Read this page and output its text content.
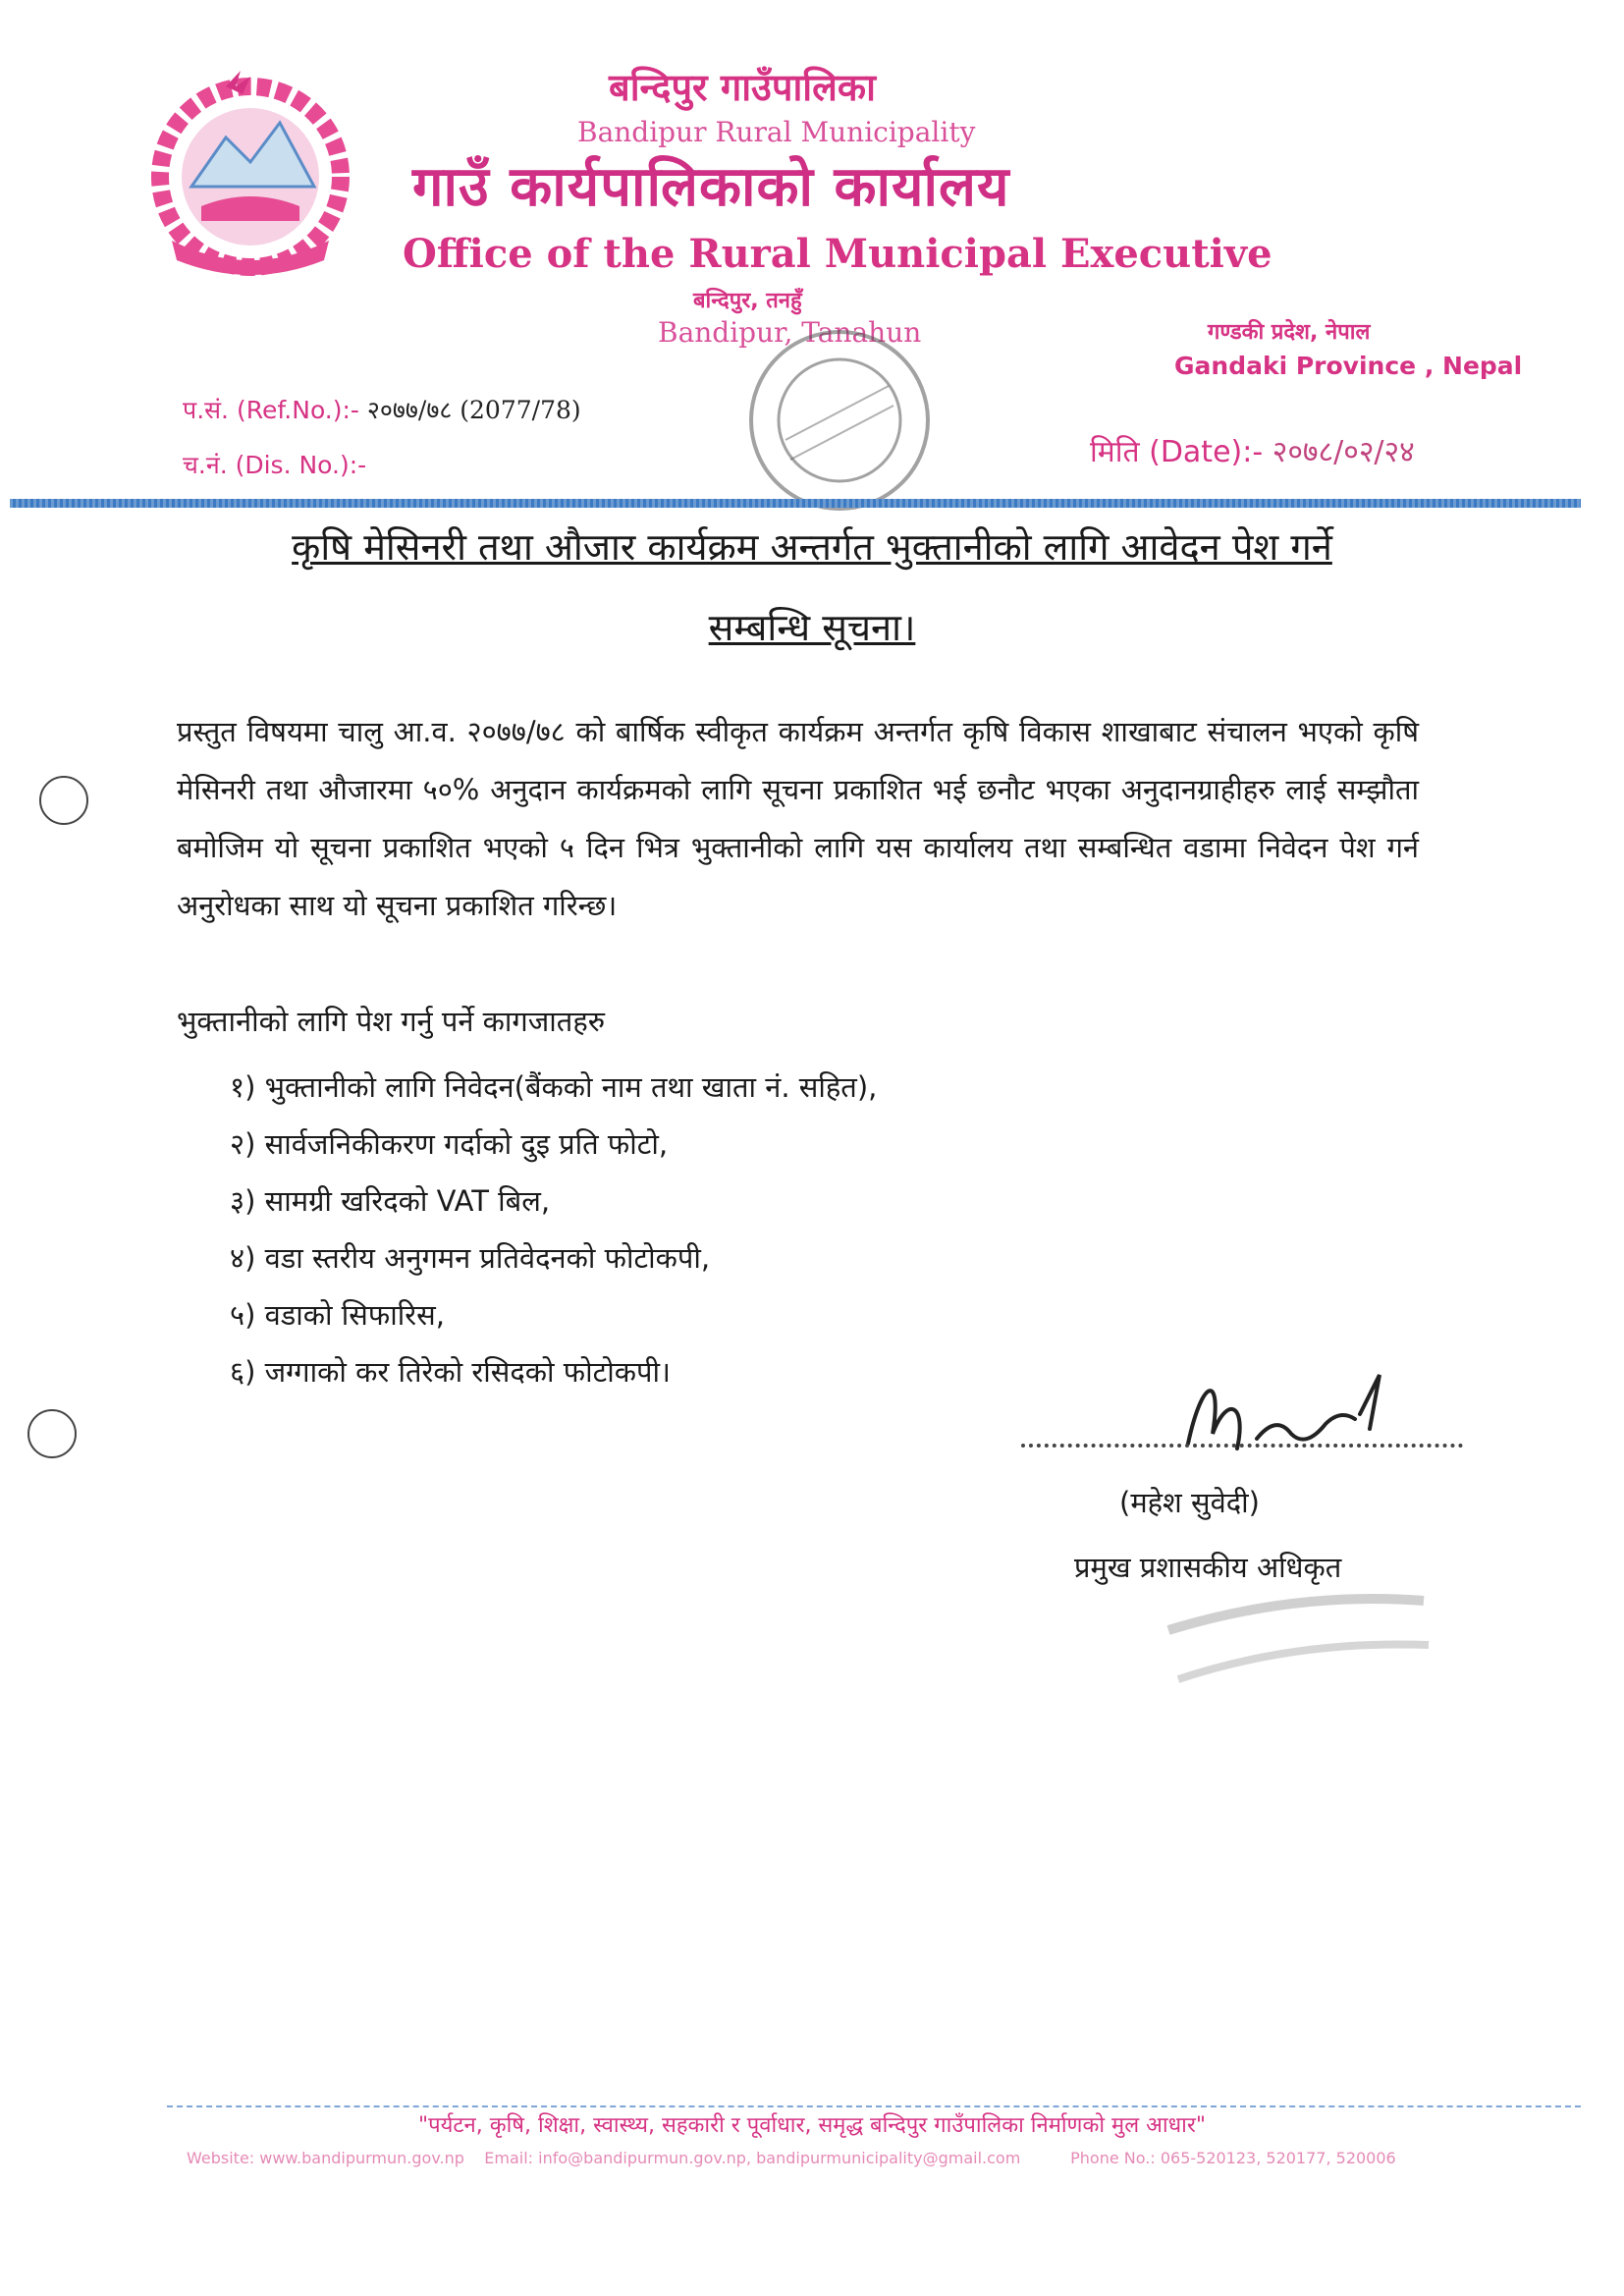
बन्दिपुर गाउँपालिका
Bandipur Rural Municipality
गाउँ कार्यपालिकाको कार्यालय
Office of the Rural Municipal Executive
बन्दिपुर, तनहुँ
Bandipur, Tanahun	गण्डकी प्रदेश, नेपाल
Gandaki Province , Nepal
प.सं. (Ref.No.):- २०७७/७८ (2077/78)
च.नं. (Dis. No.):-	मिति (Date):- २०७८/०२/२४
कृषि मेसिनरी तथा औजार कार्यक्रम अन्तर्गत भुक्तानीको लागि आवेदन पेश गर्ने
सम्बन्धि सूचना।
प्रस्तुत विषयमा चालु आ.व. २०७७/७८ को बार्षिक स्वीकृत कार्यक्रम अन्तर्गत कृषि विकास शाखाबाट संचालन भएको कृषि मेसिनरी तथा औजारमा ५०% अनुदान कार्यक्रमको लागि सूचना प्रकाशित भई छनौट भएका अनुदानग्राहीहरु लाई सम्झौता बमोजिम यो सूचना प्रकाशित भएको ५ दिन भित्र भुक्तानीको लागि यस कार्यालय तथा सम्बन्धित वडामा निवेदन पेश गर्न अनुरोधका साथ यो सूचना प्रकाशित गरिन्छ।
भुक्तानीको लागि पेश गर्नु पर्ने कागजातहरु
१) भुक्तानीको लागि निवेदन(बैंकको नाम तथा खाता नं. सहित),
२) सार्वजनिकीकरण गर्दाको दुइ प्रति फोटो,
३) सामग्री खरिदको VAT बिल,
४) वडा स्तरीय अनुगमन प्रतिवेदनको फोटोकपी,
५) वडाको सिफारिस,
६) जग्गाको कर तिरेको रसिदको फोटोकपी।
(महेश सुवेदी)
प्रमुख प्रशासकीय अधिकृत
"पर्यटन, कृषि, शिक्षा, स्वास्थ्य, सहकारी र पूर्वाधार, समृद्ध बन्दिपुर गाउँपालिका निर्माणको मुल आधार"
Website: www.bandipurmun.gov.np Email: info@bandipurmun.gov.np, bandipurmunicipality@gmail.com	Phone No.: 065-520123, 520177, 520006
